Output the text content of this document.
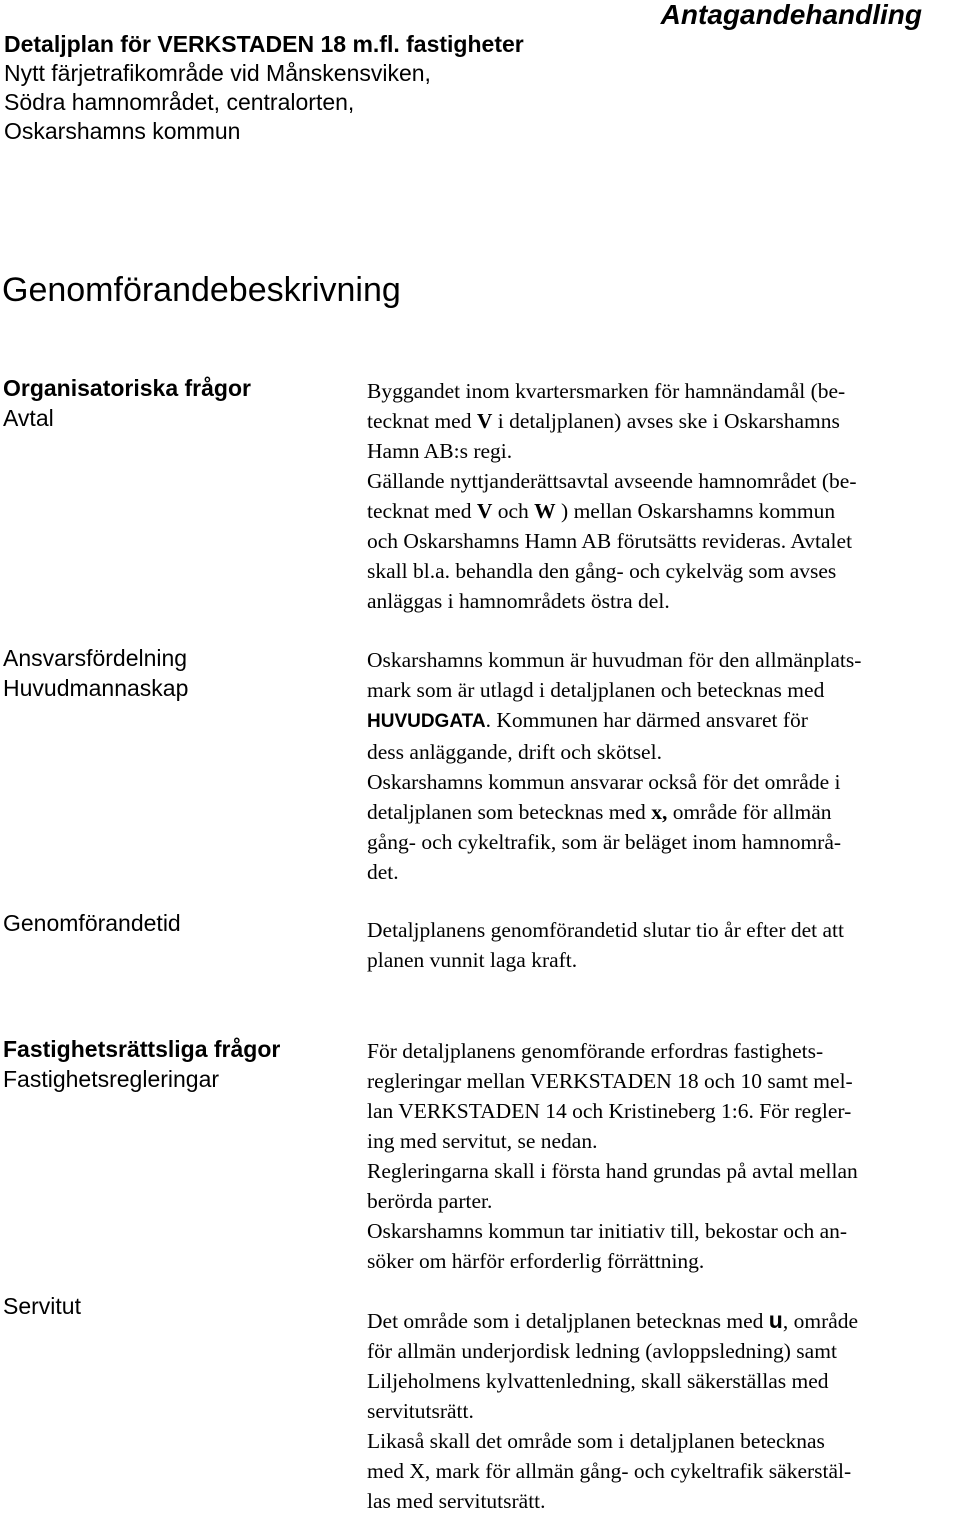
Detaljplan för VERKSTADEN 18 m.fl. fastigheter
Nytt färjetrafikområde vid Månskensviken,
Södra hamnområdet, centralorten,
Oskarshamns kommun
Antagandehandling
Genomförandebeskrivning
Organisatoriska frågor
Avtal

Byggandet inom kvartersmarken för hamnändamål (be-
tecknat med V i detaljplanen) avses ske i Oskarshamns
Hamn AB:s regi.

Gällande nyttjanderättsavtal avseende hamnområdet (be-
tecknat med V och W ) mellan Oskarshamns kommun
och Oskarshamns Hamn AB förutsätts revideras. Avtalet
skall bl.a. behandla den gång- och cykelväg som avses
anläggas i hamnområdets östra del.

Ansvarsfördelning
Huvudmannaskap

Oskarshamns kommun är huvudman för den allmänplats-
mark som är utlagd i detaljplanen och betecknas med
HUVUDGATA. Kommunen har därmed ansvaret för
dess anläggande, drift och skötsel.

Oskarshamns kommun ansvarar också för det område i
detaljplanen som betecknas med x, område för allmän
gång- och cykeltrafik, som är beläget inom hamnområ-
det.

Genomförandetid	Detaljplanens genomförandetid slutar tio år efter det att
planen vunnit laga kraft.

Fastighetsrättsliga frågor
Fastighetsregleringar

För detaljplanens genomförande erfordras fastighets-
regleringar mellan VERKSTADEN 18 och 10 samt mel-
lan VERKSTADEN 14 och Kristineberg 1:6. För regler-
ing med servitut, se nedan.

Regleringarna skall i första hand grundas på avtal mellan
berörda parter.

Oskarshamns kommun tar initiativ till, bekostar och an-
söker om härför erforderlig förrättning.

Servitut

Det område som i detaljplanen betecknas med u, område
för allmän underjordisk ledning (avloppsledning) samt
Liljeholmens kylvattenledning, skall säkerställas med
servitutsrätt.

Likaså skall det område som i detaljplanen betecknas
med X, mark för allmän gång- och cykeltrafik säkerstäl-
las med servitutsrätt.
